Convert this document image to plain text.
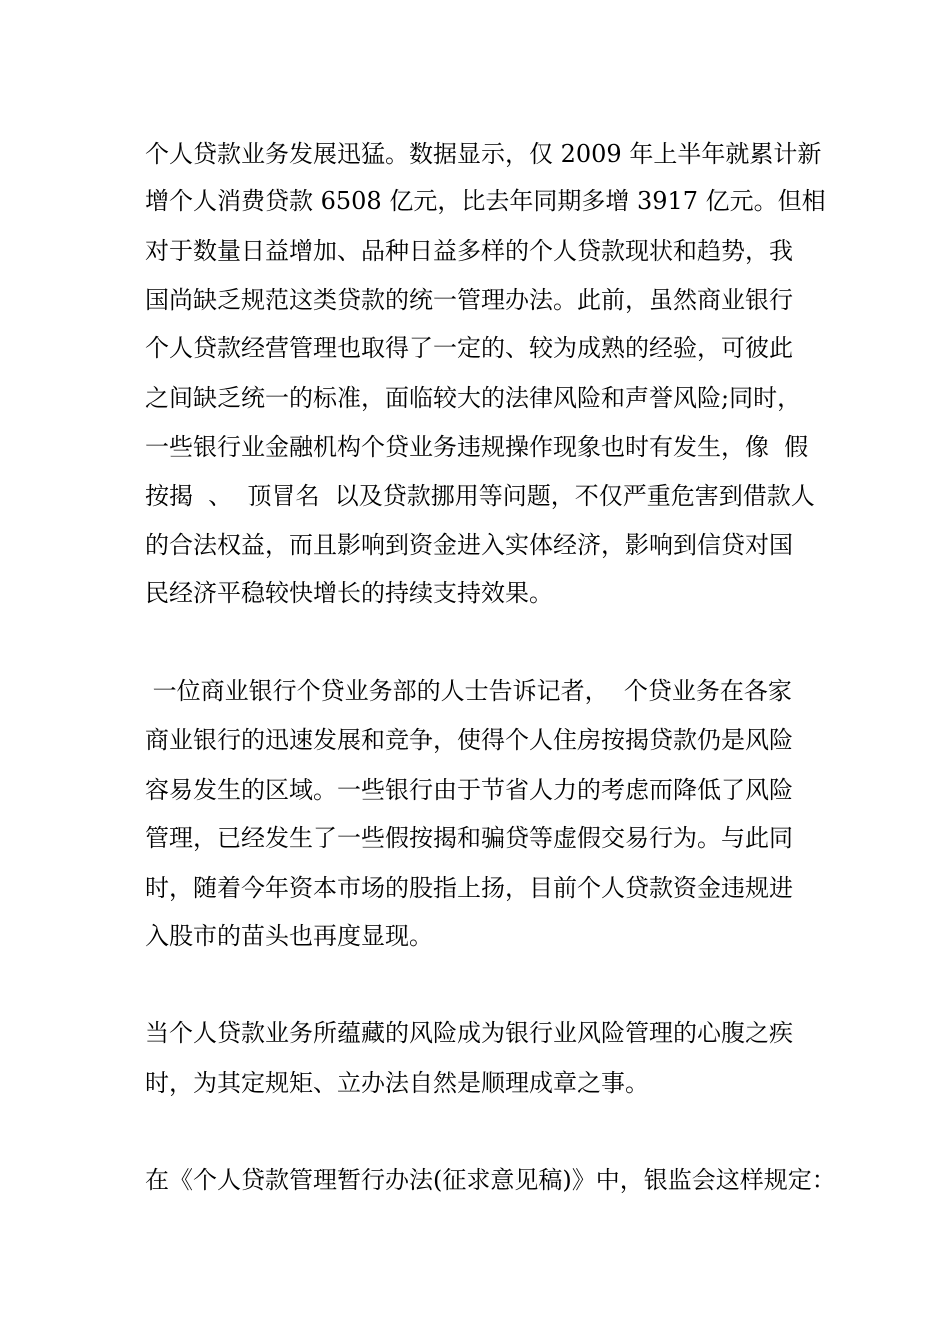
个人贷款业务发展迅猛。数据显示，仅 2009 年上半年就累计新
增个人消费贷款 6508 亿元，比去年同期多增 3917 亿元。但相
对于数量日益增加、品种日益多样的个人贷款现状和趋势，我
国尚缺乏规范这类贷款的统一管理办法。此前，虽然商业银行
个人贷款经营管理也取得了一定的、较为成熟的经验，可彼此
之间缺乏统一的标准，面临较大的法律风险和声誉风险;同时，
一些银行业金融机构个贷业务违规操作现象也时有发生，像  假
按揭  、  顶冒名  以及贷款挪用等问题，不仅严重危害到借款人
的合法权益，而且影响到资金进入实体经济，影响到信贷对国
民经济平稳较快增长的持续支持效果。
一位商业银行个贷业务部的人士告诉记者，  个贷业务在各家
商业银行的迅速发展和竞争，使得个人住房按揭贷款仍是风险
容易发生的区域。一些银行由于节省人力的考虑而降低了风险
管理，已经发生了一些假按揭和骗贷等虚假交易行为。与此同
时，随着今年资本市场的股指上扬，目前个人贷款资金违规进
入股市的苗头也再度显现。
当个人贷款业务所蕴藏的风险成为银行业风险管理的心腹之疾
时，为其定规矩、立办法自然是顺理成章之事。
在《个人贷款管理暂行办法(征求意见稿)》中，银监会这样规定：
